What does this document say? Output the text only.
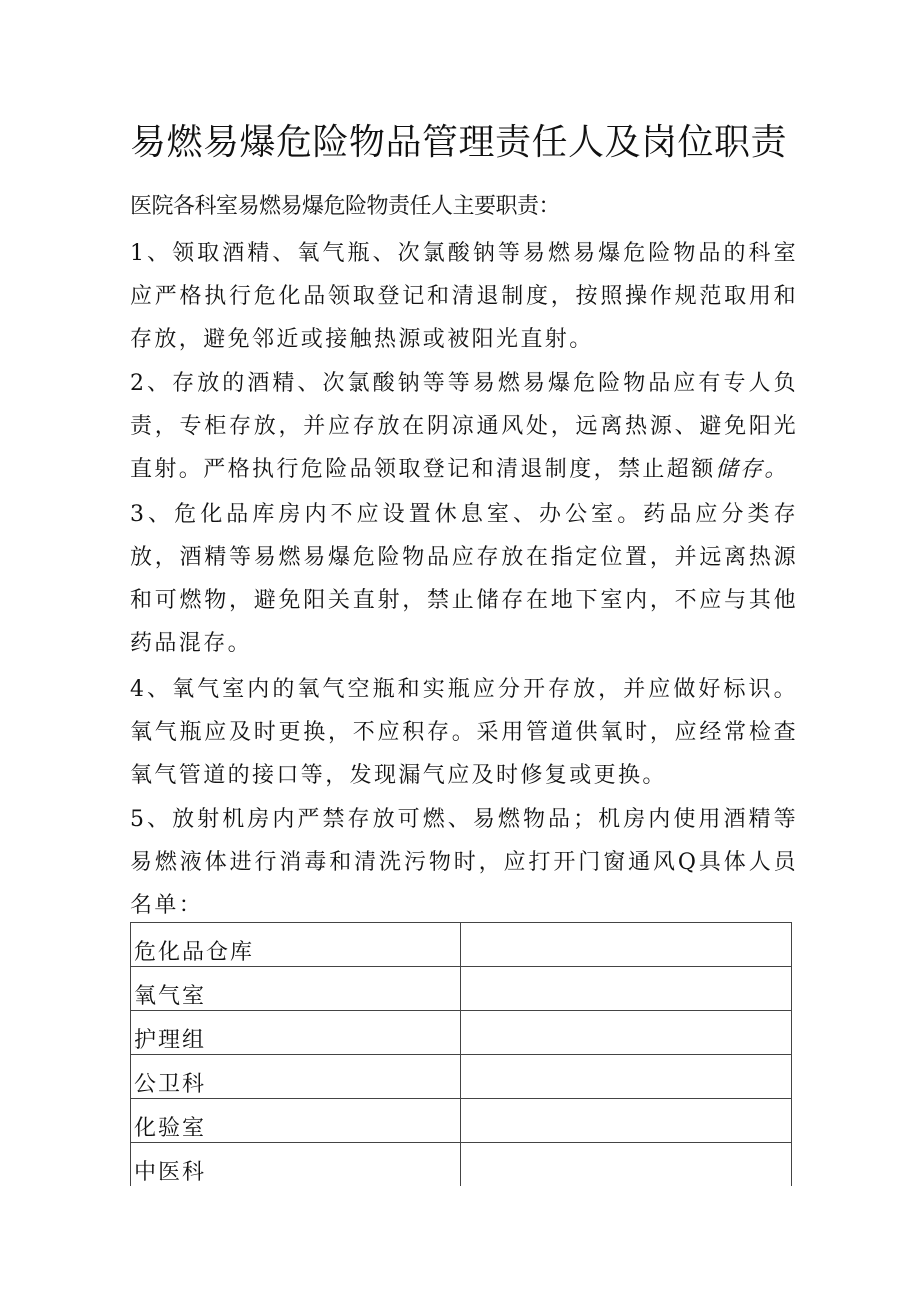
易燃易爆危险物品管理责任人及岗位职责

医院各科室易燃易爆危险物责任人主要职责：

1、领取酒精、氧气瓶、次氯酸钠等易燃易爆危险物品的科室应严格执行危化品领取登记和清退制度，按照操作规范取用和存放，避免邻近或接触热源或被阳光直射。

2、存放的酒精、次氯酸钠等等易燃易爆危险物品应有专人负责，专柜存放，并应存放在阴凉通风处，远离热源、避免阳光直射。严格执行危险品领取登记和清退制度，禁止超额储存。

3、危化品库房内不应设置休息室、办公室。药品应分类存放，酒精等易燃易爆危险物品应存放在指定位置，并远离热源和可燃物，避免阳关直射，禁止储存在地下室内，不应与其他药品混存。

4、氧气室内的氧气空瓶和实瓶应分开存放，并应做好标识。氧气瓶应及时更换，不应积存。采用管道供氧时，应经常检查氧气管道的接口等，发现漏气应及时修复或更换。

5、放射机房内严禁存放可燃、易燃物品；机房内使用酒精等易燃液体进行消毒和清洗污物时，应打开门窗通风Q具体人员名单：

危化品仓库	
氧气室	
护理组	
公卫科	
化验室	
中医科	
